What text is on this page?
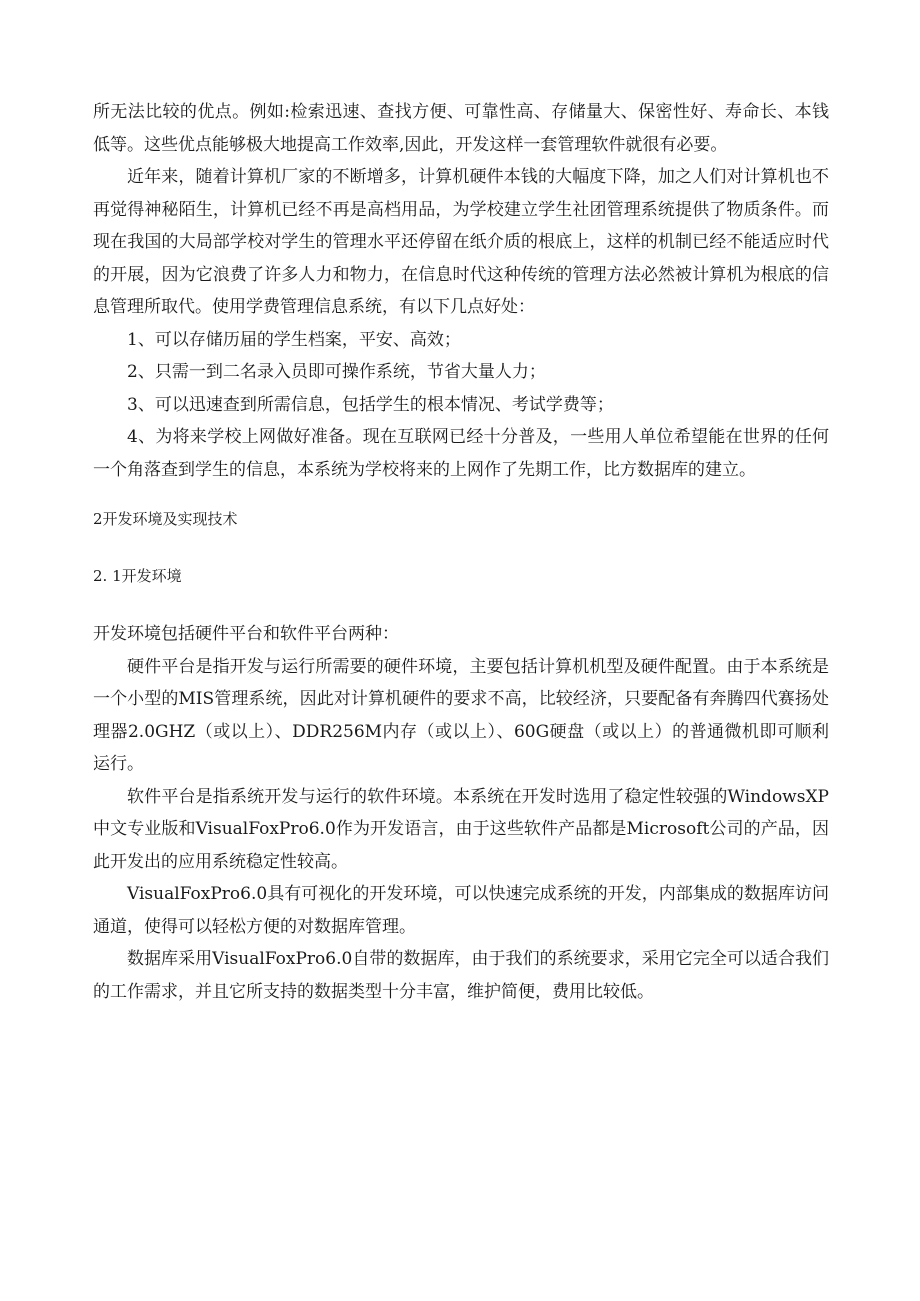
所无法比较的优点。例如:检索迅速、查找方便、可靠性高、存储量大、保密性好、寿命长、本钱低等。这些优点能够极大地提高工作效率,因此，开发这样一套管理软件就很有必要。

近年来，随着计算机厂家的不断增多，计算机硬件本钱的大幅度下降，加之人们对计算机也不再觉得神秘陌生，计算机已经不再是高档用品，为学校建立学生社团管理系统提供了物质条件。而现在我国的大局部学校对学生的管理水平还停留在纸介质的根底上，这样的机制已经不能适应时代的开展，因为它浪费了许多人力和物力，在信息时代这种传统的管理方法必然被计算机为根底的信息管理所取代。使用学费管理信息系统，有以下几点好处：

1、可以存储历届的学生档案，平安、高效；

2、只需一到二名录入员即可操作系统，节省大量人力；

3、可以迅速查到所需信息，包括学生的根本情况、考试学费等；

4、为将来学校上网做好准备。现在互联网已经十分普及，一些用人单位希望能在世界的任何一个角落查到学生的信息，本系统为学校将来的上网作了先期工作，比方数据库的建立。

2开发环境及实现技术

2. 1开发环境

开发环境包括硬件平台和软件平台两种：

硬件平台是指开发与运行所需要的硬件环境，主要包括计算机机型及硬件配置。由于本系统是一个小型的MIS管理系统，因此对计算机硬件的要求不高，比较经济，只要配备有奔腾四代赛扬处理器2.0GHZ（或以上）、DDR256M内存（或以上）、60G硬盘（或以上）的普通微机即可顺利运行。

软件平台是指系统开发与运行的软件环境。本系统在开发时选用了稳定性较强的WindowsXP中文专业版和VisualFoxPro6.0作为开发语言，由于这些软件产品都是Microsoft公司的产品，因此开发出的应用系统稳定性较高。

VisualFoxPro6.0具有可视化的开发环境，可以快速完成系统的开发，内部集成的数据库访问通道，使得可以轻松方便的对数据库管理。

数据库采用VisualFoxPro6.0自带的数据库，由于我们的系统要求，采用它完全可以适合我们的工作需求，并且它所支持的数据类型十分丰富，维护简便，费用比较低。
